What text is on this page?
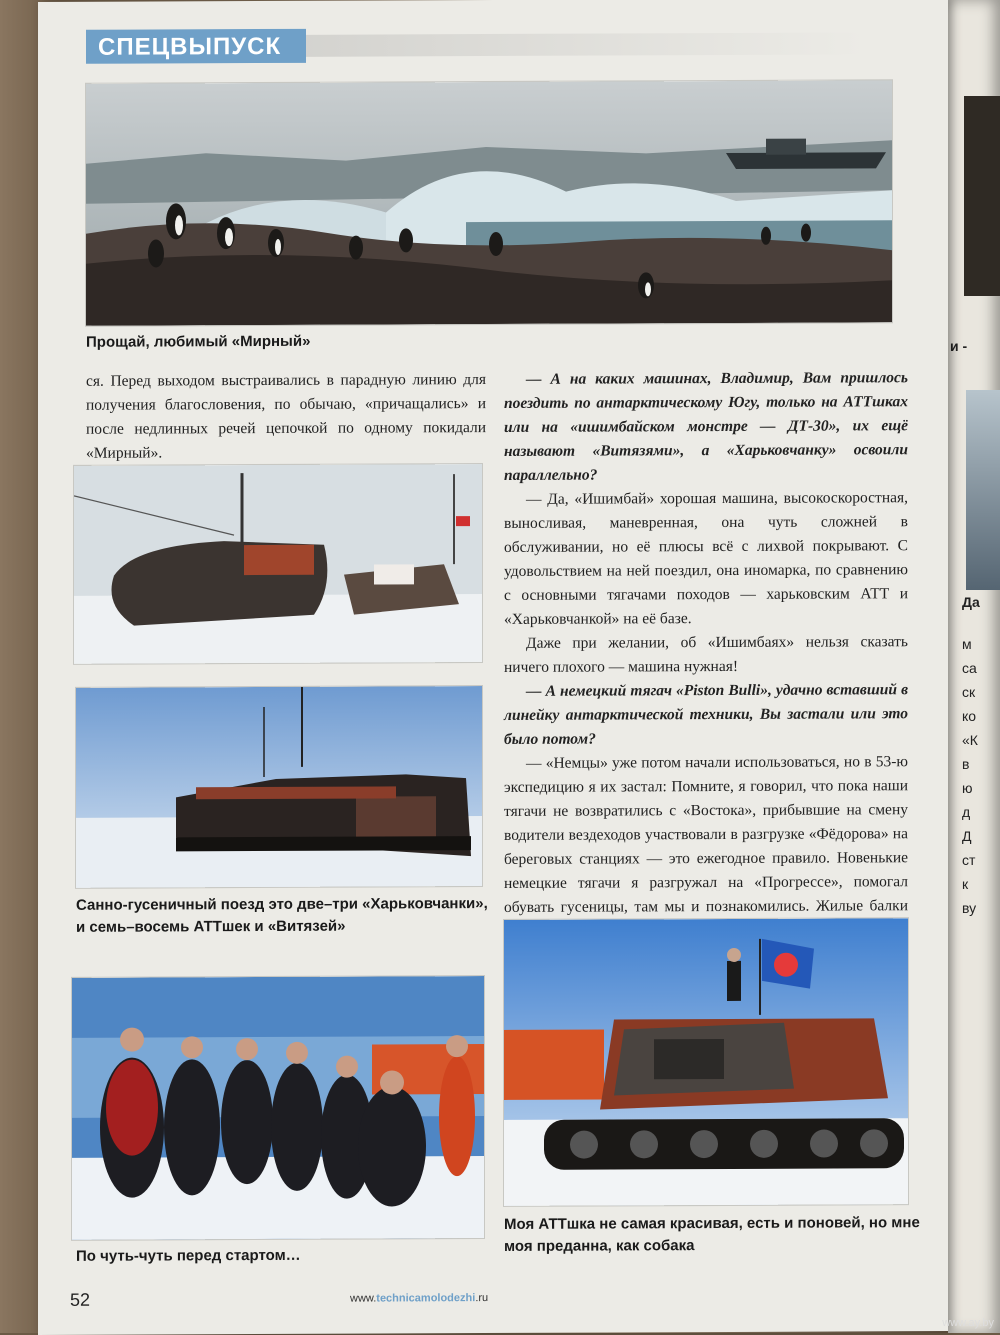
и -
Да
м
са
ск
ко
«К
в
ю
д
Д
ст
к
ву
СПЕЦВЫПУСК
Прощай, любимый «Мирный»

ся. Перед выходом выстраивались в парадную линию для получения благословения, по обычаю, «причащались» и после недлинных речей цепочкой по одному покидали «Мирный».

Санно-гусеничный поезд это две–три «Харьковчанки»,
и семь–восемь АТТшек и «Витязей»
По чуть-чуть перед стартом…

— А на каких машинах, Владимир, Вам пришлось поездить по антарктическому Югу, только на АТТшках или на «ишимбайском монстре — ДТ-30», их ещё называют «Витязями», а «Харьковчанку» освоили параллельно?

— Да, «Ишимбай» хорошая машина, высокоскоростная, выносливая, маневренная, она чуть сложней в обслуживании, но её плюсы всё с лихвой покрывают. С удовольствием на ней поездил, она иномарка, по сравнению с основными тягачами походов — харьковским АТТ и «Харьковчанкой» на её базе.

Даже при желании, об «Ишимбаях» нельзя сказать ничего плохого — машина нужная!

— А немецкий тягач «Piston Bulli», удачно вставший в линейку антарктической техники, Вы застали или это было потом?

— «Немцы» уже потом начали использоваться, но в 53-ю экспедицию я их застал: Помните, я говорил, что пока наши тягачи не возвратились с «Востока», прибывшие на смену водители вездеходов участвовали в разгрузке «Фёдорова» на береговых станциях — это ежегодное правило. Новенькие немецкие тягачи я разгружал на «Прогрессе», помогал обувать гусеницы, там мы и познакомились. Жилые балки

Моя АТТшка не самая красивая, есть и поновей, но мне
моя преданна, как собака
52	www.technicamolodezhi.ru
www.ay.by
